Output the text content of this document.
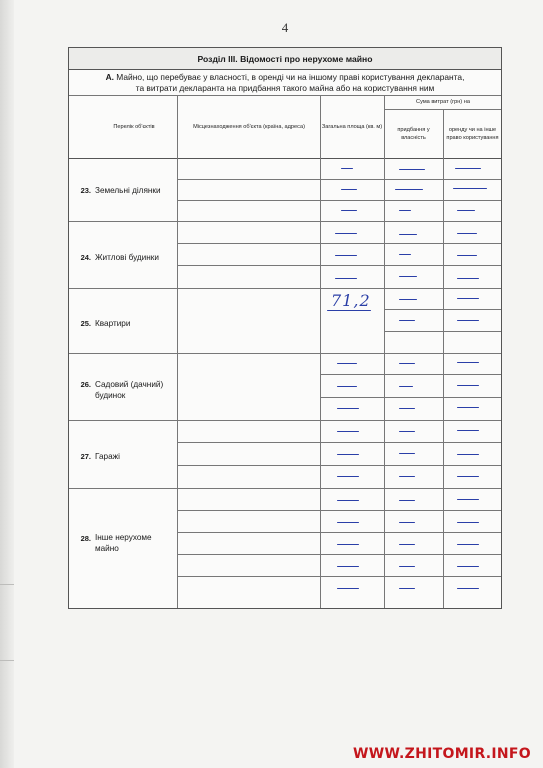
4
Розділ ІІІ. Відомості про нерухоме майно
А. Майно, що перебуває у власності, в оренді чи на іншому праві користування декларанта,
та витрати декларанта на придбання такого майна або на користування ним
Перелік об'єктів	Місцезнаходження об'єкта (країна, адреса)	Загальна площа (кв. м)
Сума витрат (грн) на
придбання у власність
оренду чи на інше право користування
23. Земельні ділянки
24. Житлові будинки
25. Квартири
26. Садовий (дачний) будинок
27. Гаражі
28. Інше нерухоме майно
71,2
WWW.ZHITOMIR.INFO
